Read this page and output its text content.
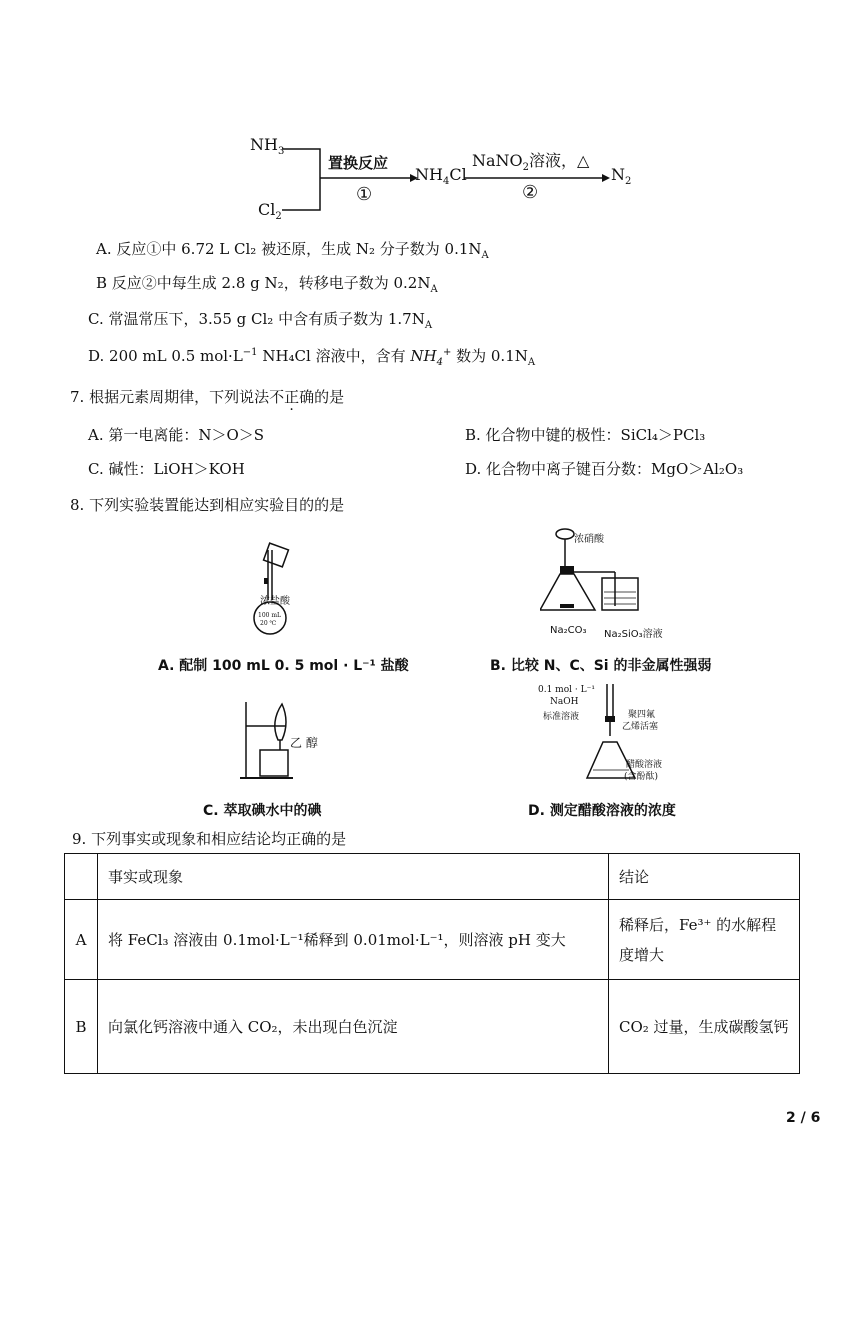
$NH_3$
$Cl_2$
置换反应
①
$NH_4Cl$
NaNO$_2$溶液，△
②
$N_2$
A. 反应①中 6.72 L Cl₂ 被还原，生成 N₂ 分子数为 $0.1N_A$
B 反应②中每生成 2.8 g N₂，转移电子数为 $0.2N_A$
C. 常温常压下，3.55 g Cl₂ 中含有质子数为 $1.7N_A$
D. 200 mL 0.5 $mol\cdot L^{-1}$ NH₄Cl 溶液中，含有 $NH_4^+$ 数为 $0.1N_A$
7. 根据元素周期律，下列说法不正确的是
A. 第一电离能：N＞O＞S	B. 化合物中键的极性：SiCl₄＞PCl₃
C. 碱性：LiOH＞KOH	D. 化合物中离子键百分数：MgO＞Al₂O₃
8. 下列实验装置能达到相应实验目的的是
浓盐酸
100 mL
20 ℃
A. 配制 100 mL 0. 5 mol · L⁻¹ 盐酸
浓硝酸
Na₂CO₃ Na₂SiO₃溶液
B. 比较 N、C、Si 的非金属性强弱
乙 醇
C. 萃取碘水中的碘
0.1 mol · L⁻¹
NaOH
标准溶液	聚四氟
乙烯活塞
醋酸溶液
(含酚酞)
D. 测定醋酸溶液的浓度
9. 下列事实或现象和相应结论均正确的是
	事实或现象	结论
A	将 FeCl₃ 溶液由 0.1mol·L⁻¹稀释到 0.01mol·L⁻¹，则溶液 pH 变大	稀释后，Fe³⁺ 的水解程度增大
B	向氯化钙溶液中通入 CO₂，未出现白色沉淀	CO₂ 过量，生成碳酸氢钙
2 / 6
